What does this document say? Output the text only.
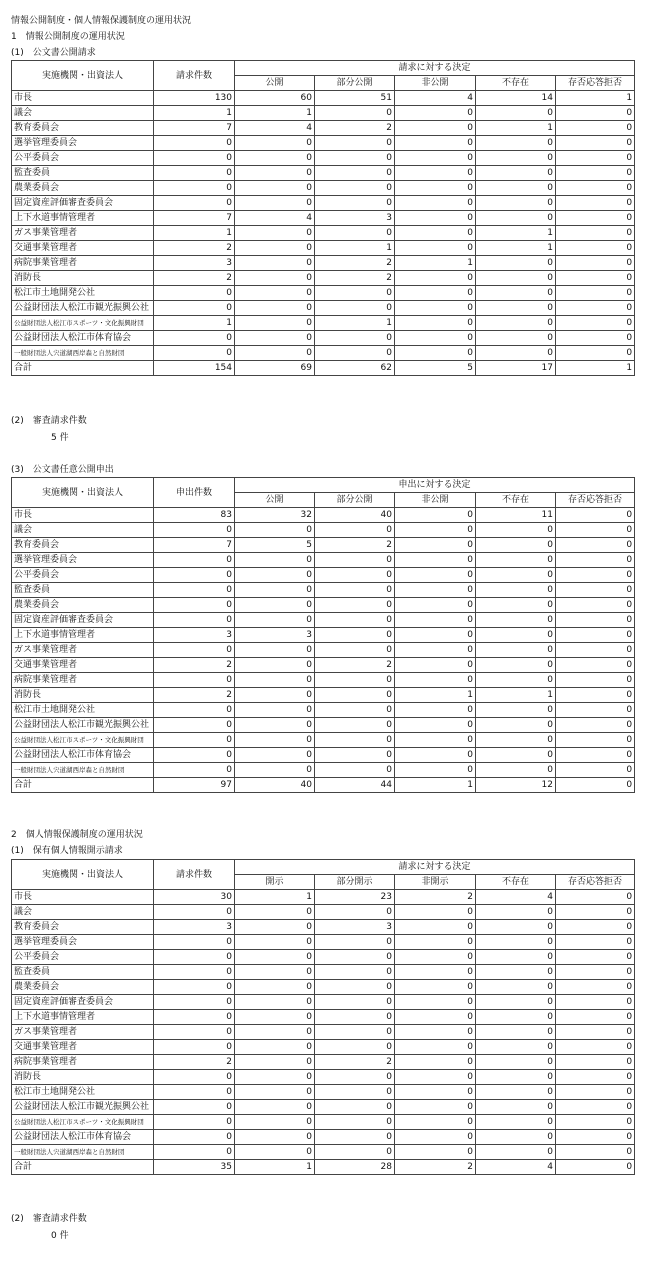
情報公開制度・個人情報保護制度の運用状況
1　情報公開制度の運用状況
(1)　公文書公開請求
実施機関・出資法人	請求件数	請求に対する決定				
		公開	部分公開	非公開	不存在	存否応答拒否
市長	130	60	51	4	14	1
議会	1	1	0	0	0	0
教育委員会	7	4	2	0	1	0
選挙管理委員会	0	0	0	0	0	0
公平委員会	0	0	0	0	0	0
監査委員	0	0	0	0	0	0
農業委員会	0	0	0	0	0	0
固定資産評価審査委員会	0	0	0	0	0	0
上下水道事情管理者	7	4	3	0	0	0
ガス事業管理者	1	0	0	0	1	0
交通事業管理者	2	0	1	0	1	0
病院事業管理者	3	0	2	1	0	0
消防長	2	0	2	0	0	0
松江市土地開発公社	0	0	0	0	0	0
公益財団法人松江市観光振興公社	0	0	0	0	0	0
公益財団法人松江市スポーツ・文化振興財団	1	0	1	0	0	0
公益財団法人松江市体育協会	0	0	0	0	0	0
一般財団法人宍道湖西岸森と自然財団	0	0	0	0	0	0
合計	154	69	62	5	17	1
(2)　審査請求件数
5 件
(3)　公文書任意公開申出
実施機関・出資法人	申出件数	申出に対する決定				
		公開	部分公開	非公開	不存在	存否応答拒否
市長	83	32	40	0	11	0
議会	0	0	0	0	0	0
教育委員会	7	5	2	0	0	0
選挙管理委員会	0	0	0	0	0	0
公平委員会	0	0	0	0	0	0
監査委員	0	0	0	0	0	0
農業委員会	0	0	0	0	0	0
固定資産評価審査委員会	0	0	0	0	0	0
上下水道事情管理者	3	3	0	0	0	0
ガス事業管理者	0	0	0	0	0	0
交通事業管理者	2	0	2	0	0	0
病院事業管理者	0	0	0	0	0	0
消防長	2	0	0	1	1	0
松江市土地開発公社	0	0	0	0	0	0
公益財団法人松江市観光振興公社	0	0	0	0	0	0
公益財団法人松江市スポーツ・文化振興財団	0	0	0	0	0	0
公益財団法人松江市体育協会	0	0	0	0	0	0
一般財団法人宍道湖西岸森と自然財団	0	0	0	0	0	0
合計	97	40	44	1	12	0
2　個人情報保護制度の運用状況
(1)　保有個人情報開示請求
実施機関・出資法人	請求件数	請求に対する決定				
		開示	部分開示	非開示	不存在	存否応答拒否
市長	30	1	23	2	4	0
議会	0	0	0	0	0	0
教育委員会	3	0	3	0	0	0
選挙管理委員会	0	0	0	0	0	0
公平委員会	0	0	0	0	0	0
監査委員	0	0	0	0	0	0
農業委員会	0	0	0	0	0	0
固定資産評価審査委員会	0	0	0	0	0	0
上下水道事情管理者	0	0	0	0	0	0
ガス事業管理者	0	0	0	0	0	0
交通事業管理者	0	0	0	0	0	0
病院事業管理者	2	0	2	0	0	0
消防長	0	0	0	0	0	0
松江市土地開発公社	0	0	0	0	0	0
公益財団法人松江市観光振興公社	0	0	0	0	0	0
公益財団法人松江市スポーツ・文化振興財団	0	0	0	0	0	0
公益財団法人松江市体育協会	0	0	0	0	0	0
一般財団法人宍道湖西岸森と自然財団	0	0	0	0	0	0
合計	35	1	28	2	4	0
(2)　審査請求件数
0 件
